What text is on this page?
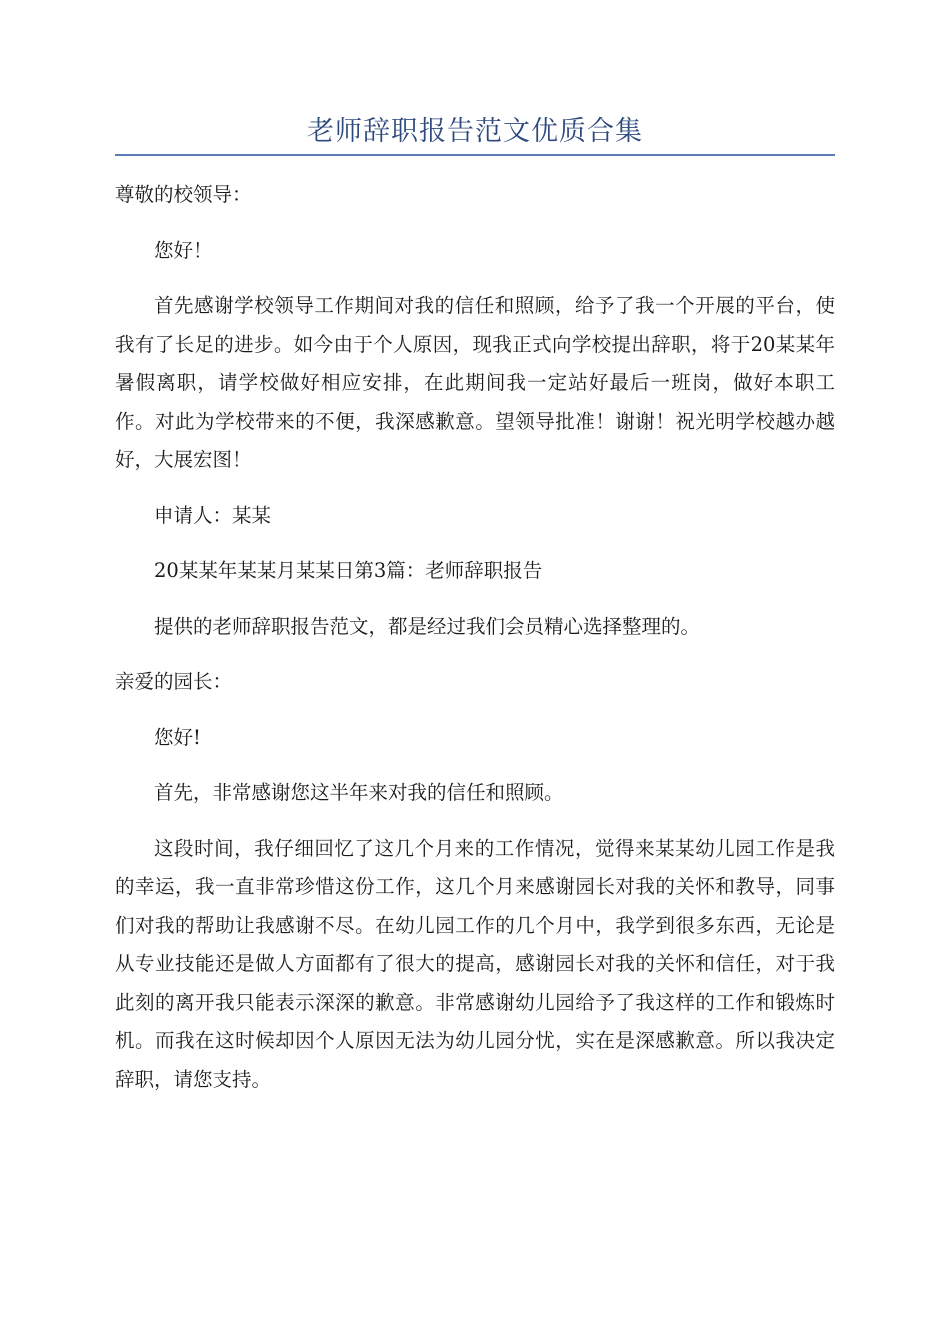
老师辞职报告范文优质合集

尊敬的校领导：

您好！

首先感谢学校领导工作期间对我的信任和照顾，给予了我一个开展的平台，使我有了长足的进步。如今由于个人原因，现我正式向学校提出辞职，将于20某某年暑假离职，请学校做好相应安排，在此期间我一定站好最后一班岗，做好本职工作。对此为学校带来的不便，我深感歉意。望领导批准！谢谢！祝光明学校越办越好，大展宏图！

申请人：某某

20某某年某某月某某日第3篇：老师辞职报告

提供的老师辞职报告范文，都是经过我们会员精心选择整理的。

亲爱的园长：

您好!

首先，非常感谢您这半年来对我的信任和照顾。

这段时间，我仔细回忆了这几个月来的工作情况，觉得来某某幼儿园工作是我的幸运，我一直非常珍惜这份工作，这几个月来感谢园长对我的关怀和教导，同事们对我的帮助让我感谢不尽。在幼儿园工作的几个月中，我学到很多东西，无论是从专业技能还是做人方面都有了很大的提高，感谢园长对我的关怀和信任，对于我此刻的离开我只能表示深深的歉意。非常感谢幼儿园给予了我这样的工作和锻炼时机。而我在这时候却因个人原因无法为幼儿园分忧，实在是深感歉意。所以我决定辞职，请您支持。
